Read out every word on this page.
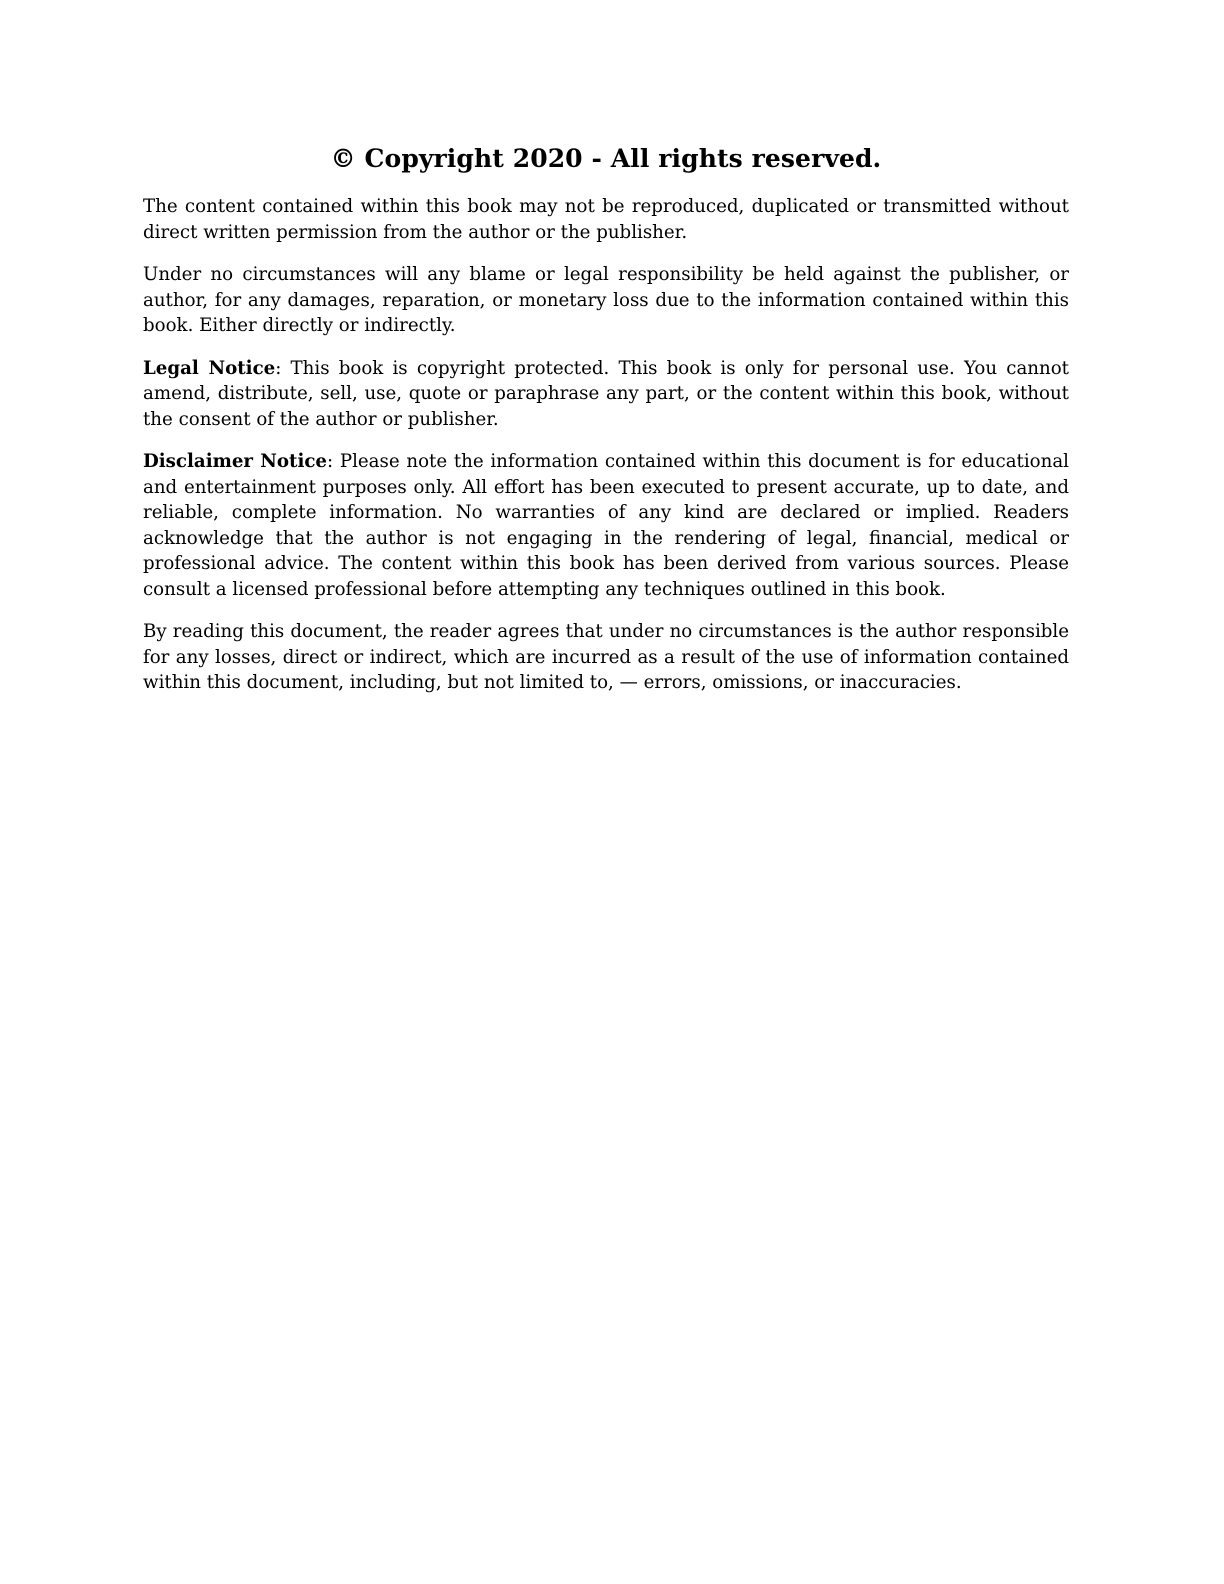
© Copyright 2020 - All rights reserved.

The content contained within this book may not be reproduced, duplicated or transmitted without direct written permission from the author or the publisher.

Under no circumstances will any blame or legal responsibility be held against the publisher, or author, for any damages, reparation, or monetary loss due to the information contained within this book. Either directly or indirectly.

Legal Notice: This book is copyright protected. This book is only for personal use. You cannot amend, distribute, sell, use, quote or paraphrase any part, or the content within this book, without the consent of the author or publisher.

Disclaimer Notice: Please note the information contained within this document is for educational and entertainment purposes only. All effort has been executed to present accurate, up to date, and reliable, complete information. No warranties of any kind are declared or implied. Readers acknowledge that the author is not engaging in the rendering of legal, financial, medical or professional advice. The content within this book has been derived from various sources. Please consult a licensed professional before attempting any techniques outlined in this book.

By reading this document, the reader agrees that under no circumstances is the author responsible for any losses, direct or indirect, which are incurred as a result of the use of information contained within this document, including, but not limited to, — errors, omissions, or inaccuracies.
